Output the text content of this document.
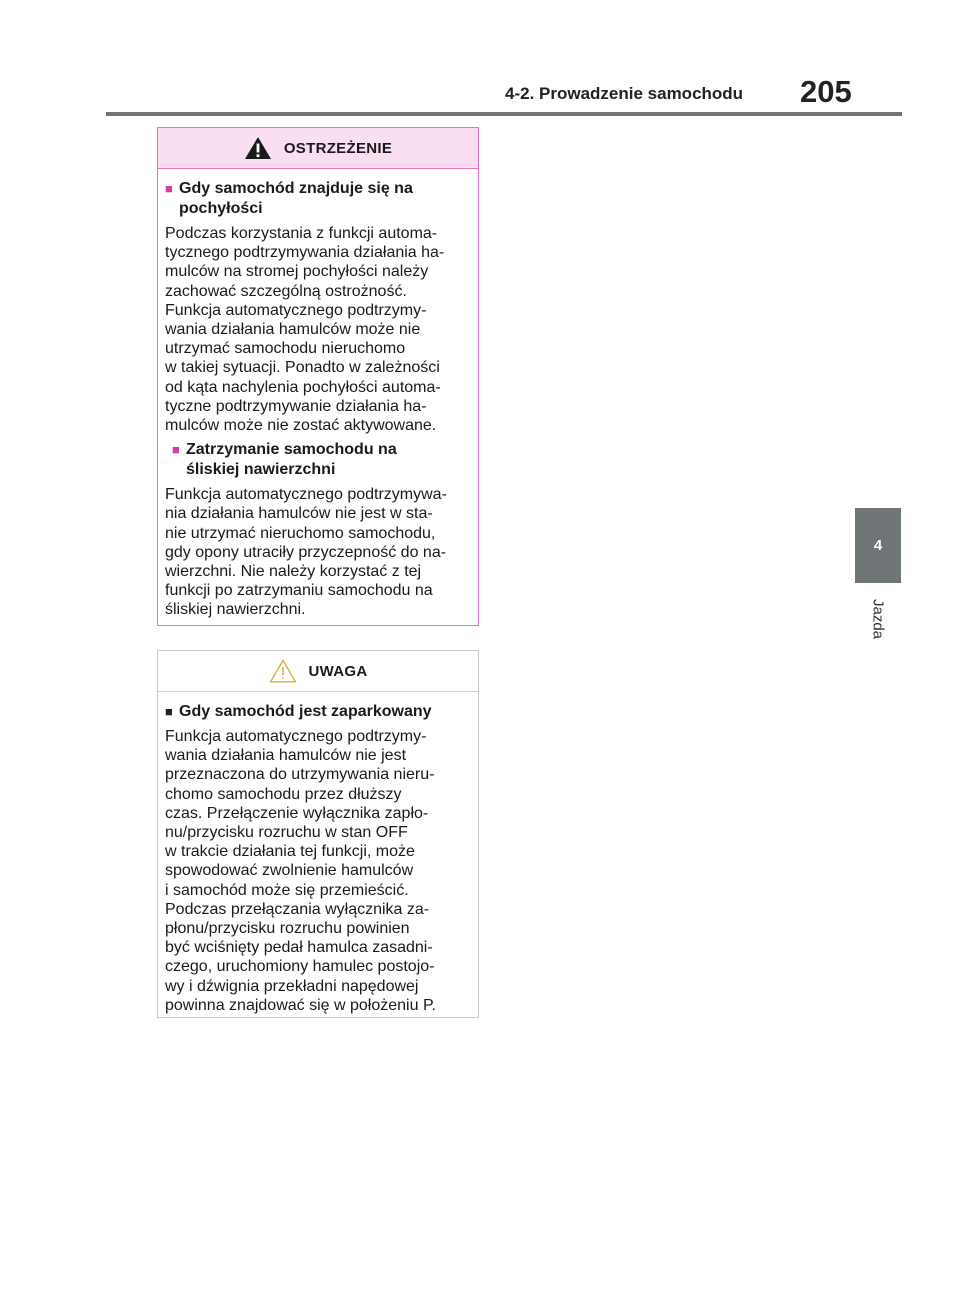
4-2. Prowadzenie samochodu 205
4
Jazda
OSTRZEŻENIE
■ Gdy samochód znajduje się na
pochyłości
Podczas korzystania z funkcji automa-
tycznego podtrzymywania działania ha-
mulców na stromej pochyłości należy
zachować szczególną ostrożność.
Funkcja automatycznego podtrzymy-
wania działania hamulców może nie
utrzymać samochodu nieruchomo
w takiej sytuacji. Ponadto w zależności
od kąta nachylenia pochyłości automa-
tyczne podtrzymywanie działania ha-
mulców może nie zostać aktywowane.
■ Zatrzymanie samochodu na
śliskiej nawierzchni
Funkcja automatycznego podtrzymywa-
nia działania hamulców nie jest w sta-
nie utrzymać nieruchomo samochodu,
gdy opony utraciły przyczepność do na-
wierzchni. Nie należy korzystać z tej
funkcji po zatrzymaniu samochodu na
śliskiej nawierzchni.
UWAGA
■ Gdy samochód jest zaparkowany
Funkcja automatycznego podtrzymy-
wania działania hamulców nie jest
przeznaczona do utrzymywania nieru-
chomo samochodu przez dłuższy
czas. Przełączenie wyłącznika zapło-
nu/przycisku rozruchu w stan OFF
w trakcie działania tej funkcji, może
spowodować zwolnienie hamulców
i samochód może się przemieścić.
Podczas przełączania wyłącznika za-
płonu/przycisku rozruchu powinien
być wciśnięty pedał hamulca zasadni-
czego, uruchomiony hamulec postojo-
wy i dźwignia przekładni napędowej
powinna znajdować się w położeniu P.
